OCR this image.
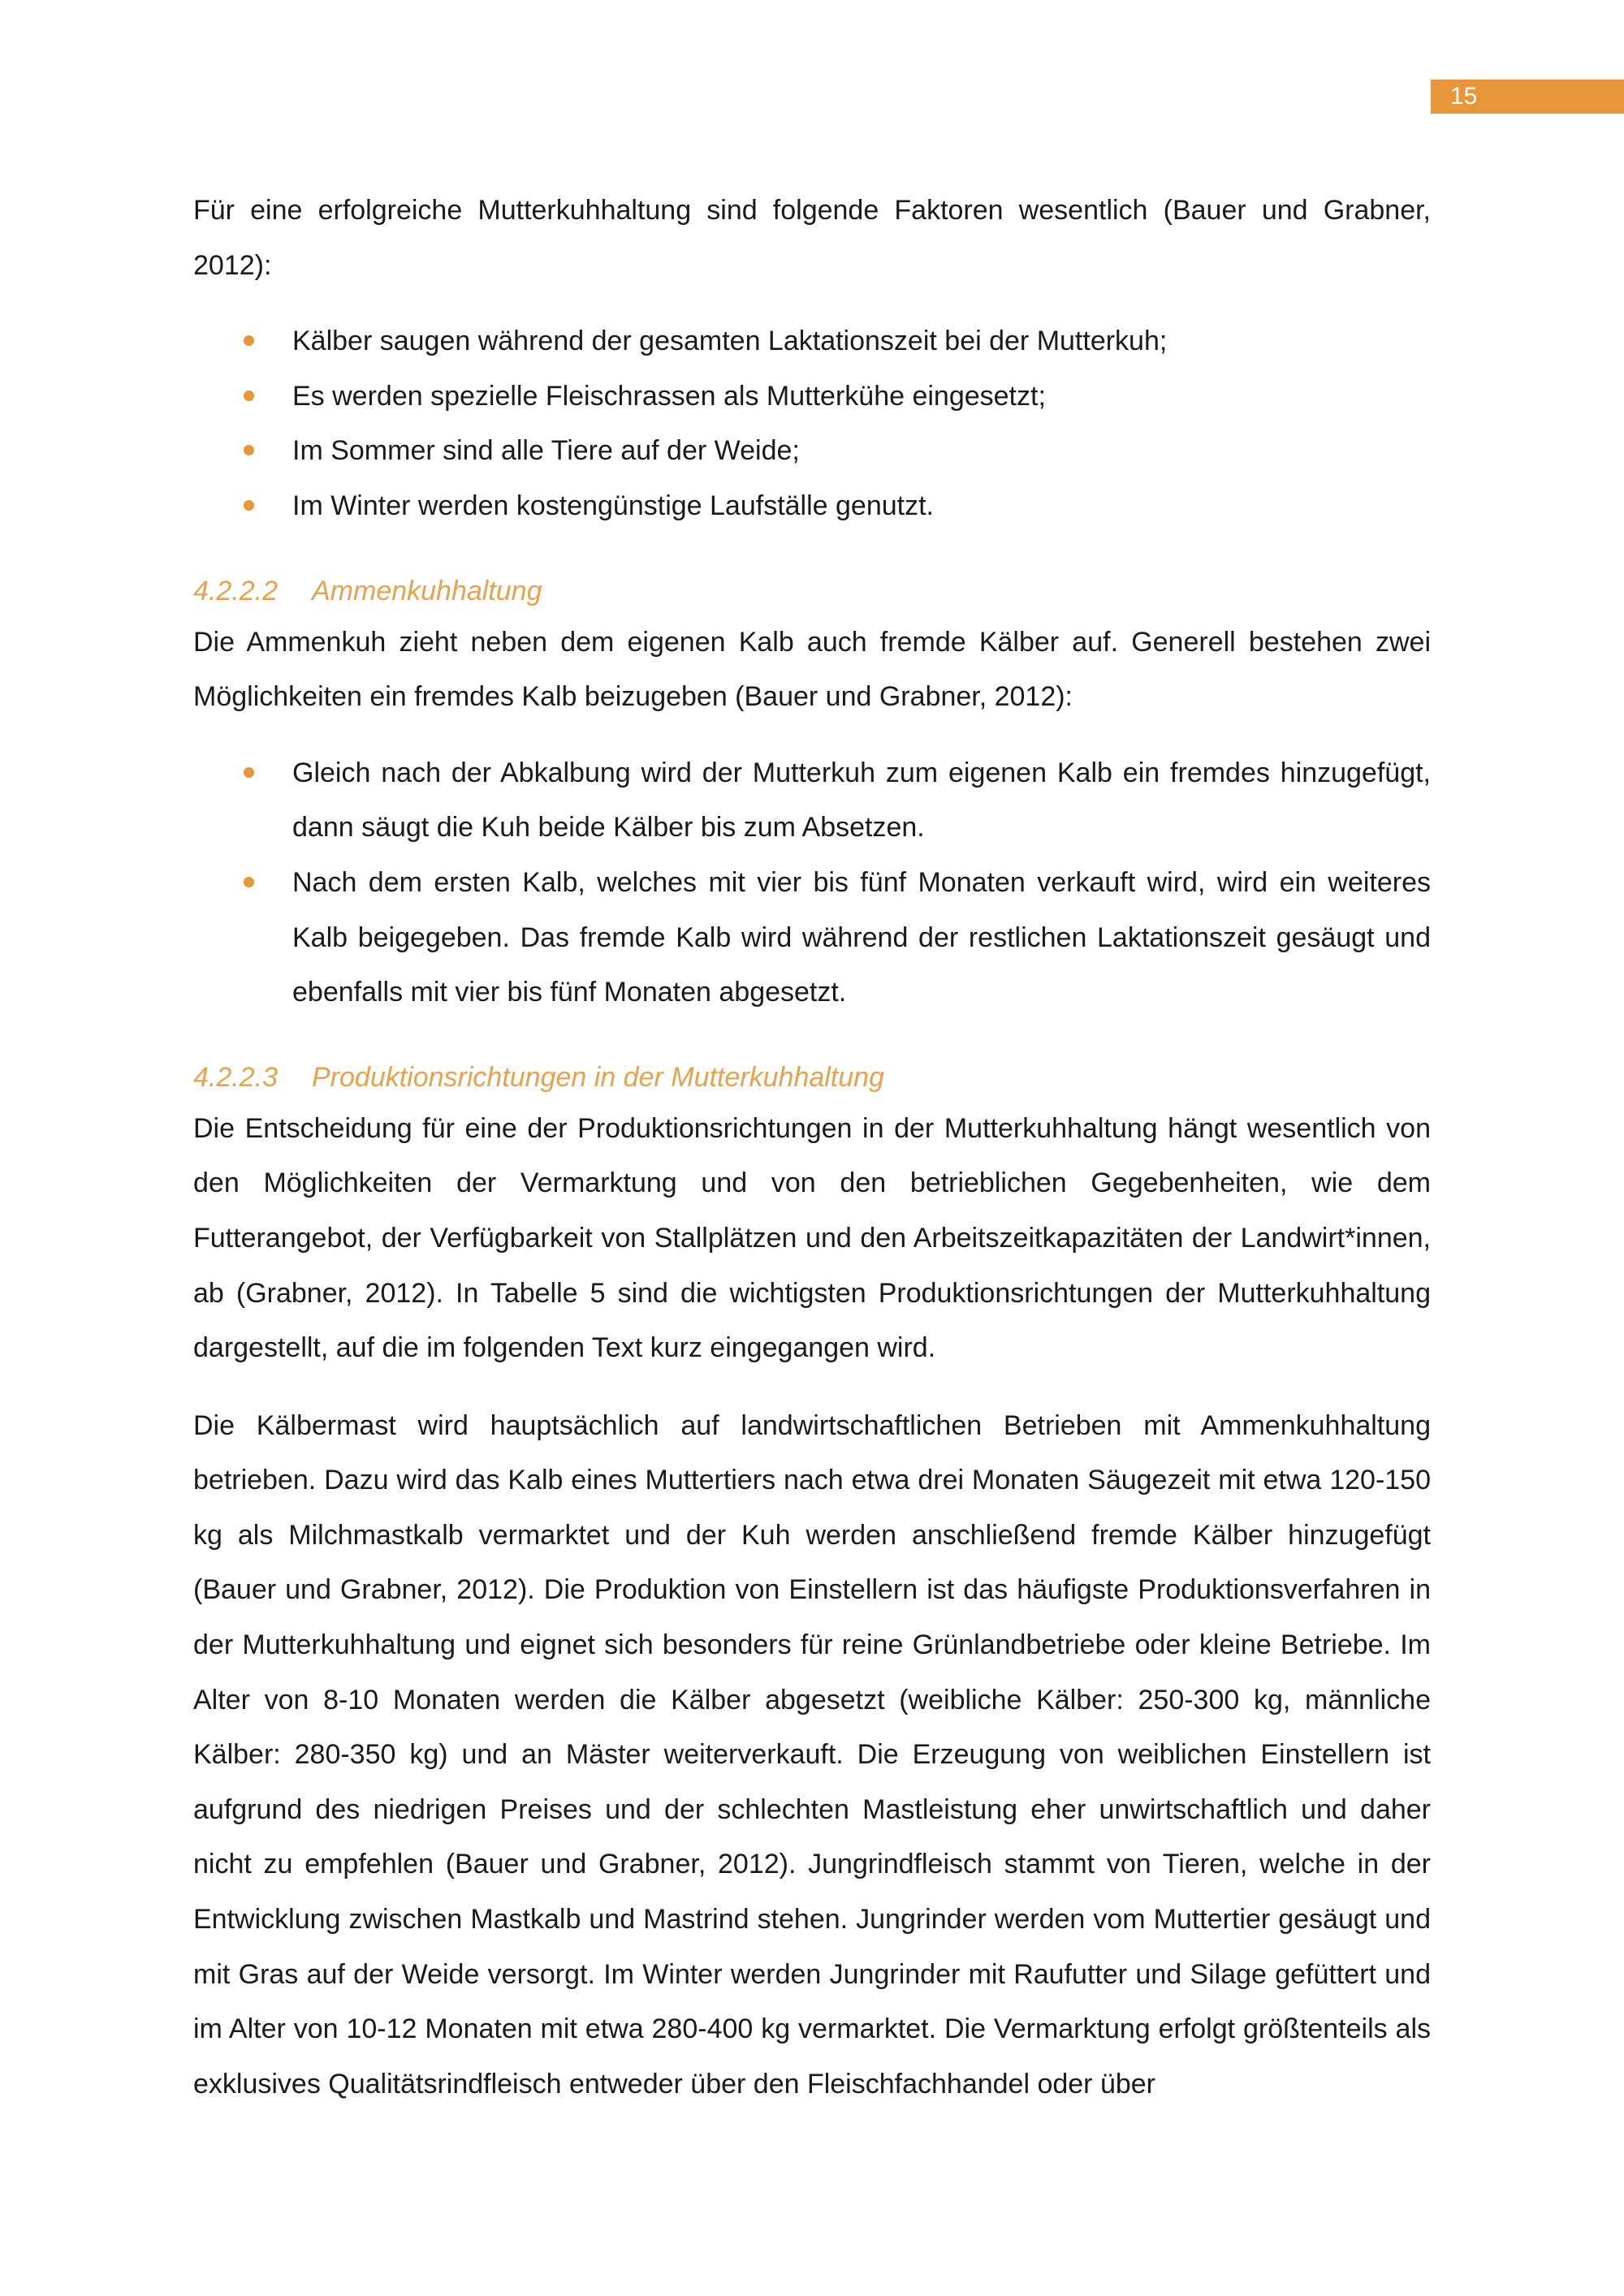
15

Für eine erfolgreiche Mutterkuhhaltung sind folgende Faktoren wesentlich (Bauer und Grabner, 2012):

Kälber saugen während der gesamten Laktationszeit bei der Mutterkuh;
Es werden spezielle Fleischrassen als Mutterkühe eingesetzt;
Im Sommer sind alle Tiere auf der Weide;
Im Winter werden kostengünstige Laufställe genutzt.
4.2.2.2 Ammenkuhhaltung

Die Ammenkuh zieht neben dem eigenen Kalb auch fremde Kälber auf. Generell bestehen zwei Möglichkeiten ein fremdes Kalb beizugeben (Bauer und Grabner, 2012):

Gleich nach der Abkalbung wird der Mutterkuh zum eigenen Kalb ein fremdes hinzugefügt, dann säugt die Kuh beide Kälber bis zum Absetzen.
Nach dem ersten Kalb, welches mit vier bis fünf Monaten verkauft wird, wird ein weiteres Kalb beigegeben. Das fremde Kalb wird während der restlichen Laktationszeit gesäugt und ebenfalls mit vier bis fünf Monaten abgesetzt.
4.2.2.3 Produktionsrichtungen in der Mutterkuhhaltung

Die Entscheidung für eine der Produktionsrichtungen in der Mutterkuhhaltung hängt wesentlich von den Möglichkeiten der Vermarktung und von den betrieblichen Gegebenheiten, wie dem Futterangebot, der Verfügbarkeit von Stallplätzen und den Arbeitszeitkapazitäten der Landwirt*innen, ab (Grabner, 2012). In Tabelle 5 sind die wichtigsten Produktionsrichtungen der Mutterkuhhaltung dargestellt, auf die im folgenden Text kurz eingegangen wird.

Die Kälbermast wird hauptsächlich auf landwirtschaftlichen Betrieben mit Ammenkuhhaltung betrieben. Dazu wird das Kalb eines Muttertiers nach etwa drei Monaten Säugezeit mit etwa 120-150 kg als Milchmastkalb vermarktet und der Kuh werden anschließend fremde Kälber hinzugefügt (Bauer und Grabner, 2012). Die Produktion von Einstellern ist das häufigste Produktionsverfahren in der Mutterkuhhaltung und eignet sich besonders für reine Grünlandbetriebe oder kleine Betriebe. Im Alter von 8-10 Monaten werden die Kälber abgesetzt (weibliche Kälber: 250-300 kg, männliche Kälber: 280-350 kg) und an Mäster weiterverkauft. Die Erzeugung von weiblichen Einstellern ist aufgrund des niedrigen Preises und der schlechten Mastleistung eher unwirtschaftlich und daher nicht zu empfehlen (Bauer und Grabner, 2012). Jungrindfleisch stammt von Tieren, welche in der Entwicklung zwischen Mastkalb und Mastrind stehen. Jungrinder werden vom Muttertier gesäugt und mit Gras auf der Weide versorgt. Im Winter werden Jungrinder mit Raufutter und Silage gefüttert und im Alter von 10-12 Monaten mit etwa 280-400 kg vermarktet. Die Vermarktung erfolgt größtenteils als exklusives Qualitätsrindfleisch entweder über den Fleischfachhandel oder über
